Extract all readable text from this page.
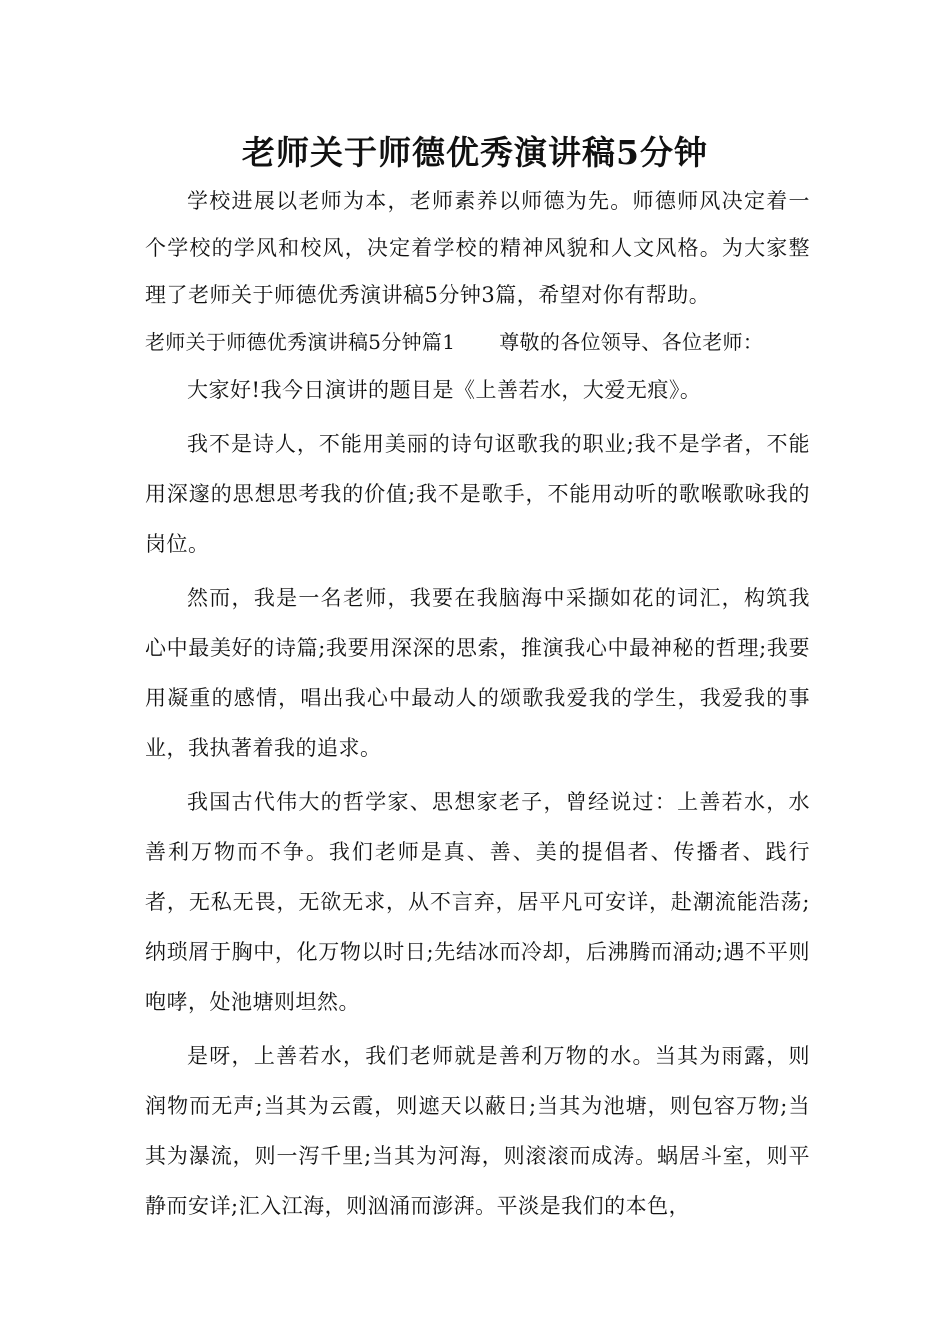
老师关于师德优秀演讲稿5分钟

学校进展以老师为本，老师素养以师德为先。师德师风决定着一个学校的学风和校风，决定着学校的精神风貌和人文风格。为大家整理了老师关于师德优秀演讲稿5分钟3篇，希望对你有帮助。

老师关于师德优秀演讲稿5分钟篇1 尊敬的各位领导、各位老师：

大家好!我今日演讲的题目是《上善若水，大爱无痕》。

我不是诗人，不能用美丽的诗句讴歌我的职业;我不是学者，不能用深邃的思想思考我的价值;我不是歌手，不能用动听的歌喉歌咏我的岗位。

然而，我是一名老师，我要在我脑海中采撷如花的词汇，构筑我心中最美好的诗篇;我要用深深的思索，推演我心中最神秘的哲理;我要用凝重的感情，唱出我心中最动人的颂歌我爱我的学生，我爱我的事业，我执著着我的追求。

我国古代伟大的哲学家、思想家老子，曾经说过：上善若水，水善利万物而不争。我们老师是真、善、美的提倡者、传播者、践行者，无私无畏，无欲无求，从不言弃，居平凡可安详，赴潮流能浩荡;纳琐屑于胸中，化万物以时日;先结冰而冷却，后沸腾而涌动;遇不平则咆哮，处池塘则坦然。

是呀，上善若水，我们老师就是善利万物的水。当其为雨露，则润物而无声;当其为云霞，则遮天以蔽日;当其为池塘，则包容万物;当其为瀑流，则一泻千里;当其为河海，则滚滚而成涛。蜗居斗室，则平静而安详;汇入江海，则汹涌而澎湃。平淡是我们的本色，
